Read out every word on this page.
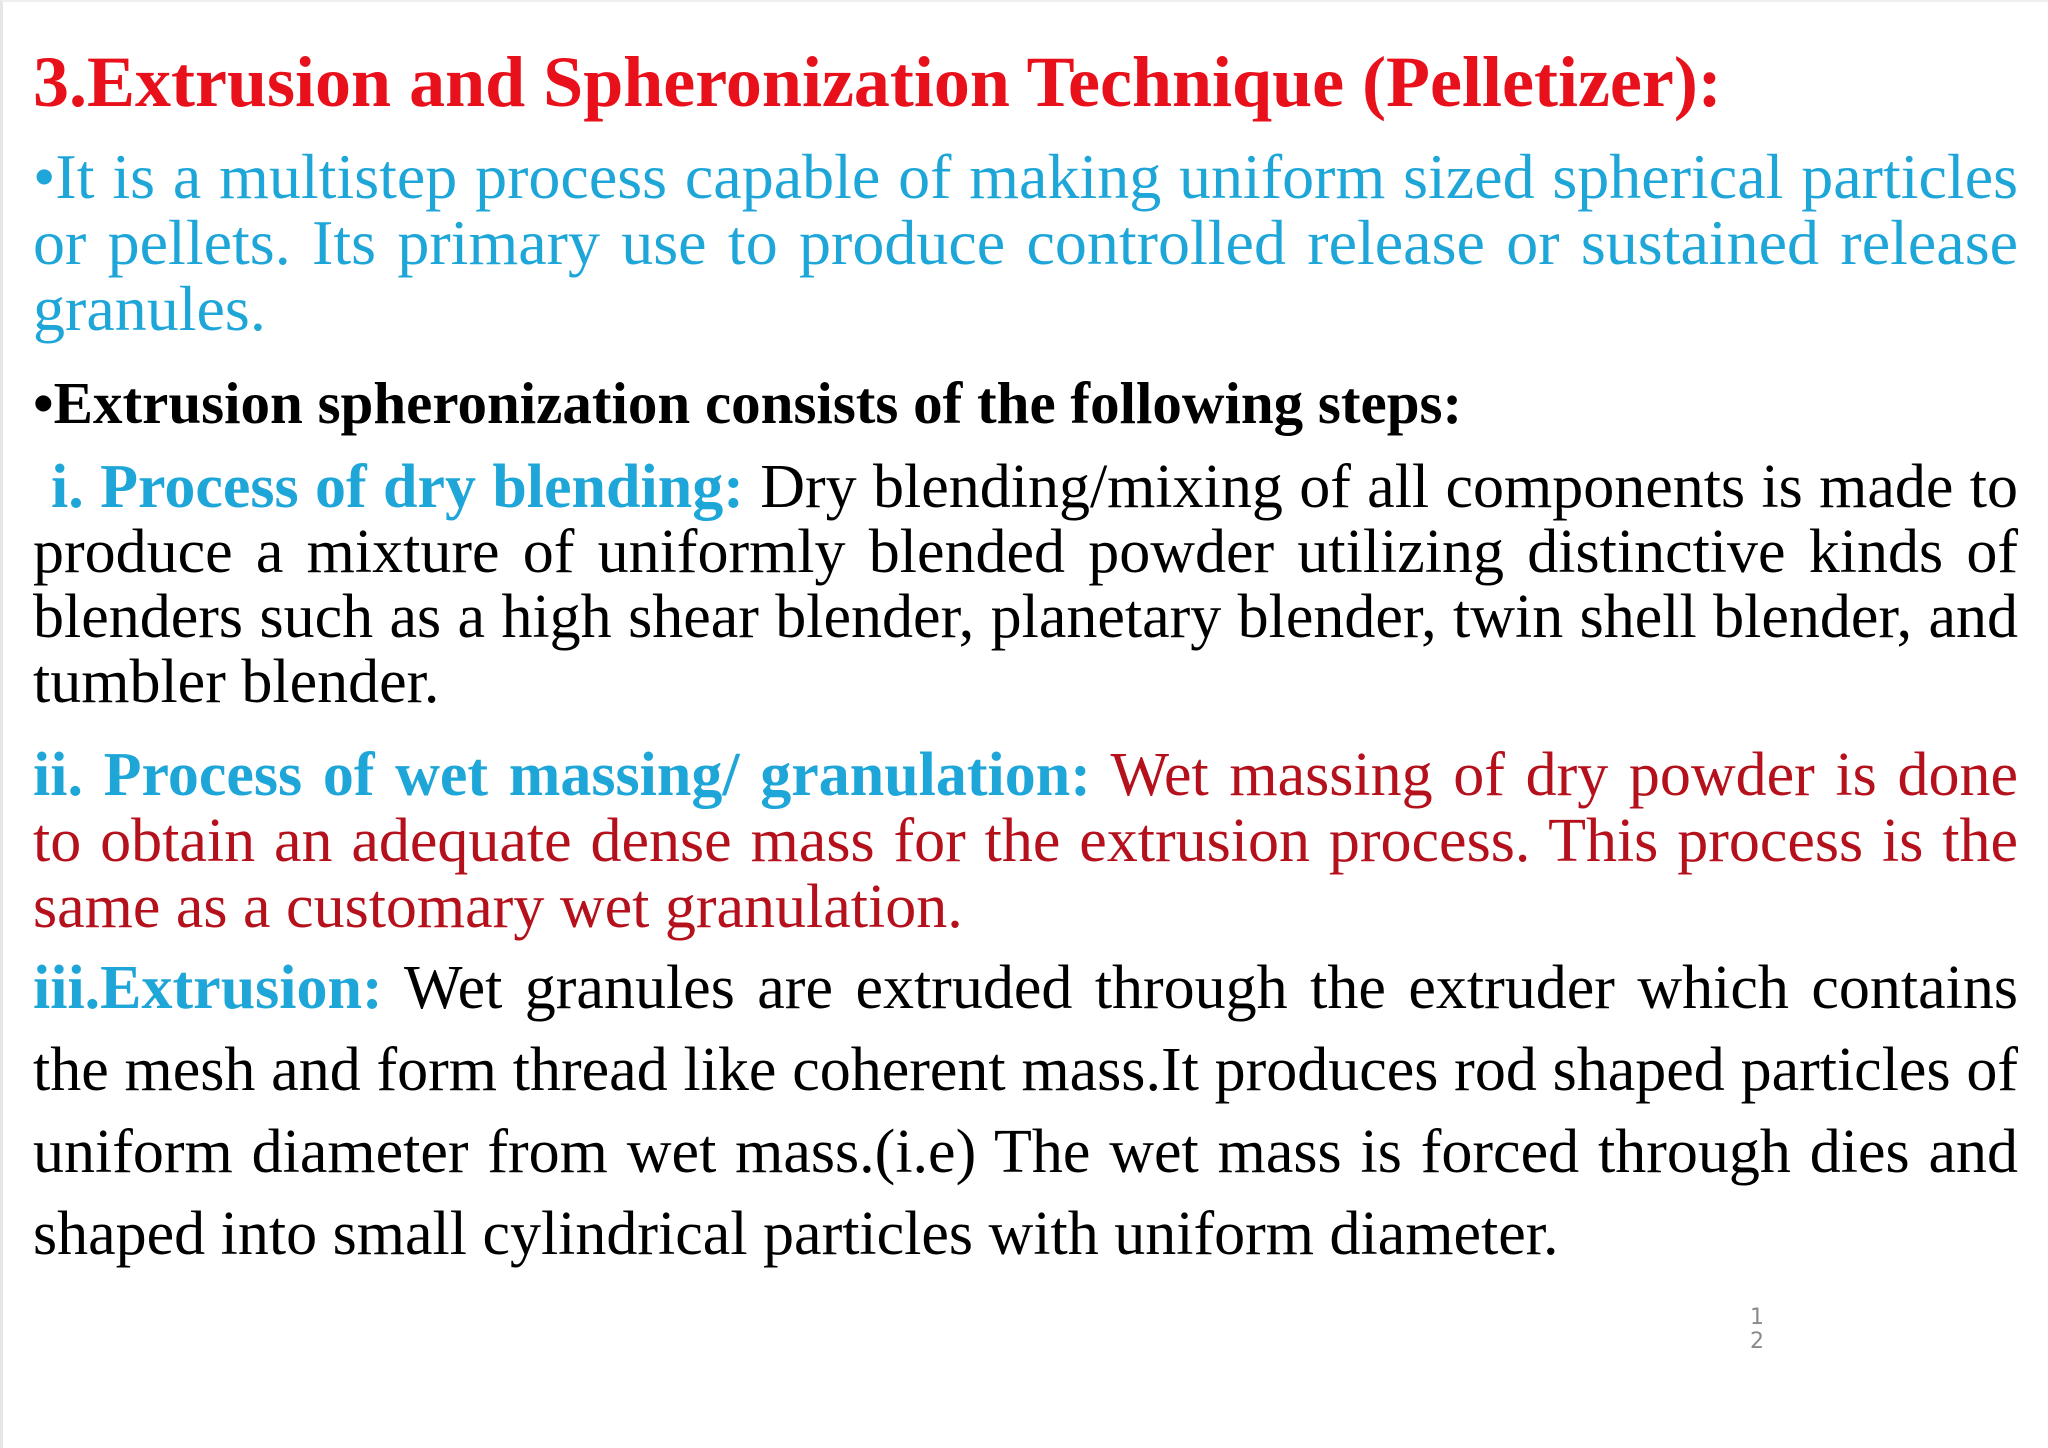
3.Extrusion and Spheronization Technique (Pelletizer):
•It is a multistep process capable of making uniform sized spherical particles or pellets. Its primary use to produce controlled release or sustained release granules.
•Extrusion spheronization consists of the following steps:
i. Process of dry blending: Dry blending/mixing of all components is made to produce a mixture of uniformly blended powder utilizing distinctive kinds of blenders such as a high shear blender, planetary blender, twin shell blender, and tumbler blender.
ii. Process of wet massing/ granulation: Wet massing of dry powder is done to obtain an adequate dense mass for the extrusion process. This process is the same as a customary wet granulation.
iii.Extrusion: Wet granules are extruded through the extruder which contains the mesh and form thread like coherent mass.It produces rod shaped particles of uniform diameter from wet mass.(i.e) The wet mass is forced through dies and shaped into small cylindrical particles with uniform diameter.
1
2
